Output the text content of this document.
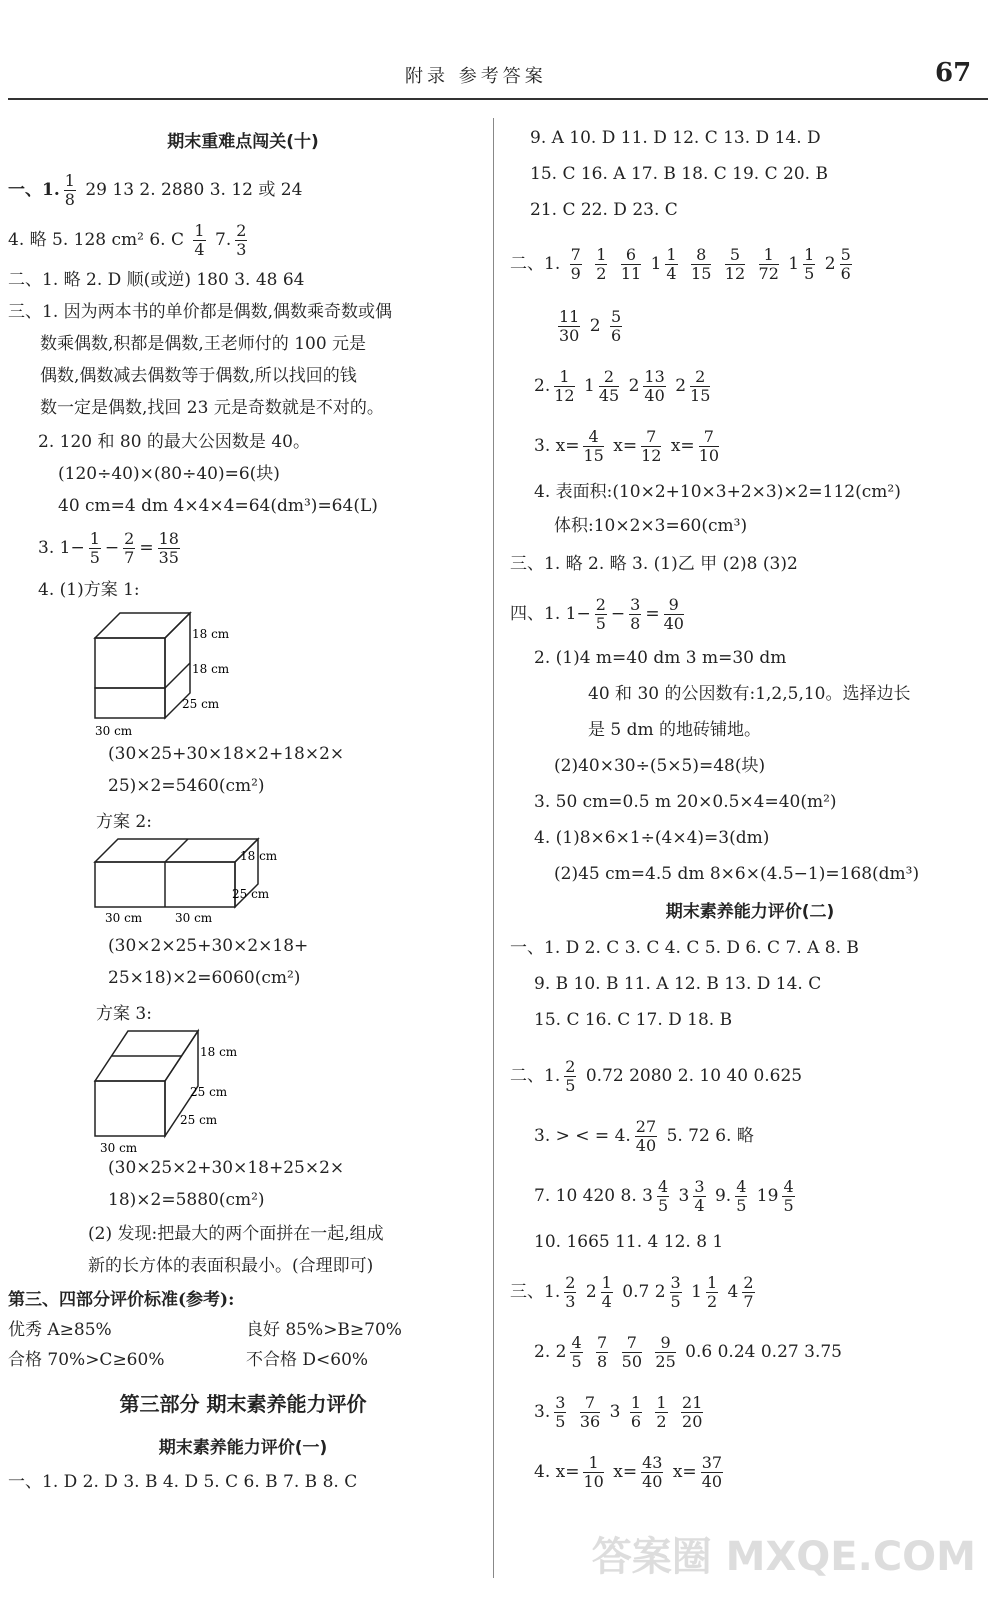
附录 参考答案	67
期末重难点闯关(十)
一、1. $\frac{1}{8} 29$ 13 2. 2880 3. 12 或 24
4. 略 5. 128 cm² 6. C $\frac{1}{4} 7$. $\frac{2}{3}$
二、1. 略 2. D 顺(或逆) 180 3. 48 64
三、1. 因为两本书的单价都是偶数,偶数乘奇数或偶
数乘偶数,积都是偶数,王老师付的 100 元是
偶数,偶数减去偶数等于偶数,所以找回的钱
数一定是偶数,找回 23 元是奇数就是不对的。
2. 120 和 80 的最大公因数是 40。
(120÷40)×(80÷40)=6(块)
40 cm=4 dm 4×4×4=64(dm³)=64(L)
3. $1- \frac{1}{5} - \frac{2}{7} = \frac{18}{35}$
4. (1)方案 1:
18 cm
18 cm
25 cm
30 cm
(30×25+30×18×2+18×2×
25)×2=5460(cm²)
方案 2:
18 cm
25 cm
30 cm	30 cm
(30×2×25+30×2×18+
25×18)×2=6060(cm²)
方案 3:
18 cm
25 cm
25 cm
30 cm
(30×25×2+30×18+25×2×
18)×2=5880(cm²)
(2) 发现:把最大的两个面拼在一起,组成
新的长方体的表面积最小。(合理即可)
第三、四部分评价标准(参考):
优秀 A≥85%	良好 85%>B≥70%
合格 70%>C≥60%	不合格 D<60%
第三部分 期末素养能力评价
期末素养能力评价(一)
一、1. D 2. D 3. B 4. D 5. C 6. B 7. B 8. C
9. A 10. D 11. D 12. C 13. D 14. D
15. C 16. A 17. B 18. C 19. C 20. B
21. C 22. D 23. C
二、1. $\frac{7}{9}$
$\frac{1}{2}$
$\frac{6}{11} 1 \frac{1}{4}$
$\frac{8}{15}$
$\frac{5}{12}$
$\frac{1}{72} 1 \frac{1}{5} 2 \frac{5}{6}$
$\frac{11}{30} 2 \frac{5}{6}$
2. $\frac{1}{12} 1 \frac{2}{45} 2 \frac{13}{40} 2 \frac{2}{15}$
3. $x= \frac{4}{15} x= \frac{7}{12} x= \frac{7}{10}$
4. 表面积:(10×2+10×3+2×3)×2=112(cm²)
体积:10×2×3=60(cm³)
三、1. 略 2. 略 3. (1)乙 甲 (2)8 (3)2
四、1. $1- \frac{2}{5} - \frac{3}{8} = \frac{9}{40}$
2. (1)4 m=40 dm 3 m=30 dm
40 和 30 的公因数有:1,2,5,10。选择边长
是 5 dm 的地砖铺地。
(2)40×30÷(5×5)=48(块)
3. 50 cm=0.5 m 20×0.5×4=40(m²)
4. (1)8×6×1÷(4×4)=3(dm)
(2)45 cm=4.5 dm 8×6×(4.5−1)=168(dm³)
期末素养能力评价(二)
一、1. D 2. C 3. C 4. C 5. D 6. C 7. A 8. B
9. B 10. B 11. A 12. B 13. D 14. C
15. C 16. C 17. D 18. B
二、1. $\frac{2}{5} 0.72$ 2080 2. 10 40 0.625
3. > < = 4. $\frac{27}{40} 5$. 72 6. 略
7. 10 420 8. $3 \frac{4}{5} 3 \frac{3}{4} 9$. $\frac{4}{5} 19 \frac{4}{5}$
10. 1665 11. 4 12. 8 1
三、1. $\frac{2}{3} 2 \frac{1}{4} 0.7$ $2 \frac{3}{5} 1 \frac{1}{2} 4 \frac{2}{7}$
2. $2 \frac{4}{5}$
$\frac{7}{8}$
$\frac{7}{50}$
$\frac{9}{25} 0.6$ 0.24 0.27 3.75
3. $\frac{3}{5}$
$\frac{7}{36} 3 \frac{1}{6}$
$\frac{1}{2}$
$\frac{21}{20}$
4. $x= \frac{1}{10} x= \frac{43}{40} x= \frac{37}{40}$
答案圈 MXQE.COM
